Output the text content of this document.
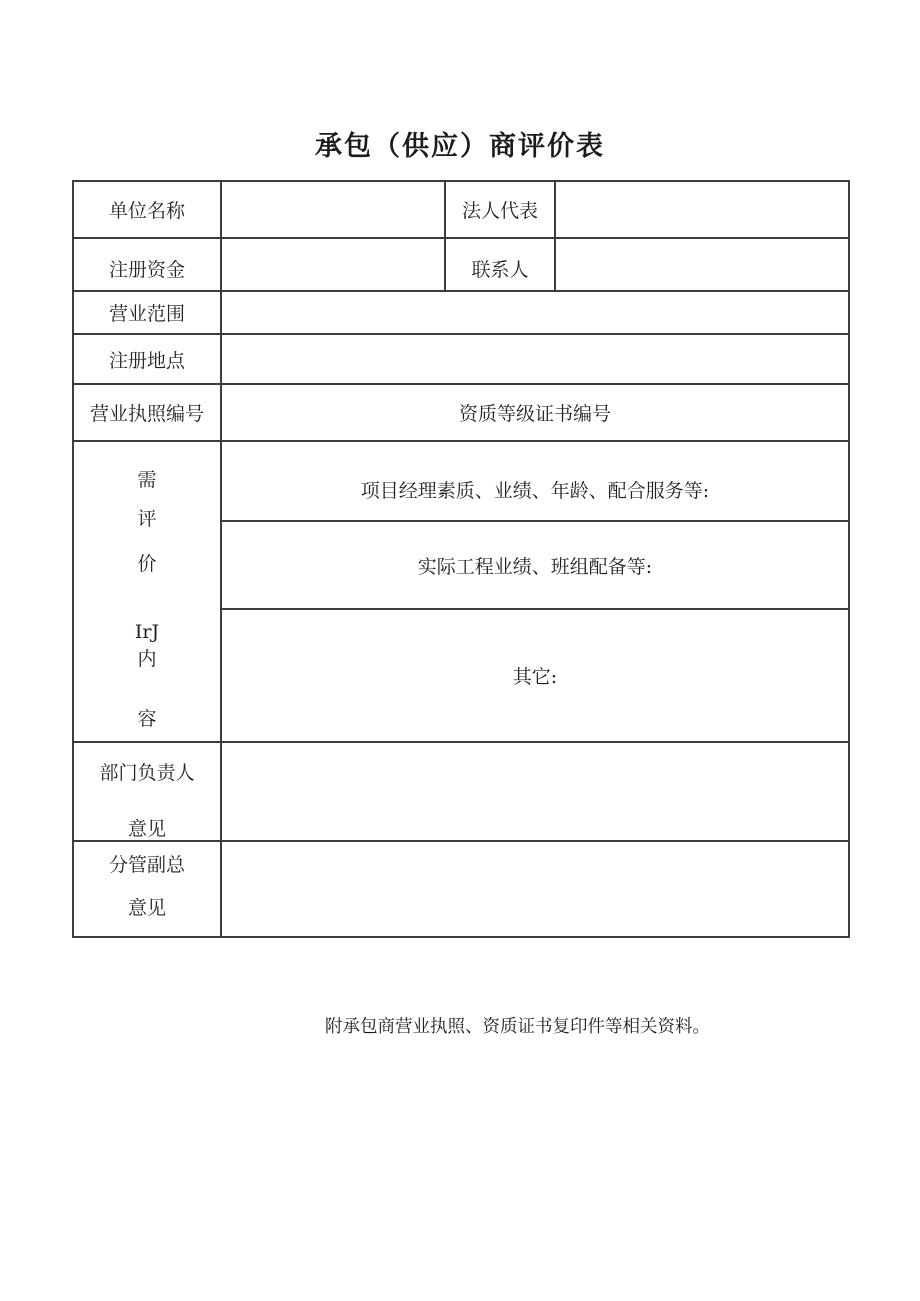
承包（供应）商评价表
单位名称		法人代表	
注册资金		联系人	
营业范围			
注册地点			
营业执照编号	资质等级证书编号		

需
评
价
IrJ
内
容
	项目经理素质、业绩、年龄、配合服务等:
	实际工程业绩、班组配备等:		
	其它:		

部门负责人
意见			

分管副总
意见			

附承包商营业执照、资质证书复印件等相关资料。
